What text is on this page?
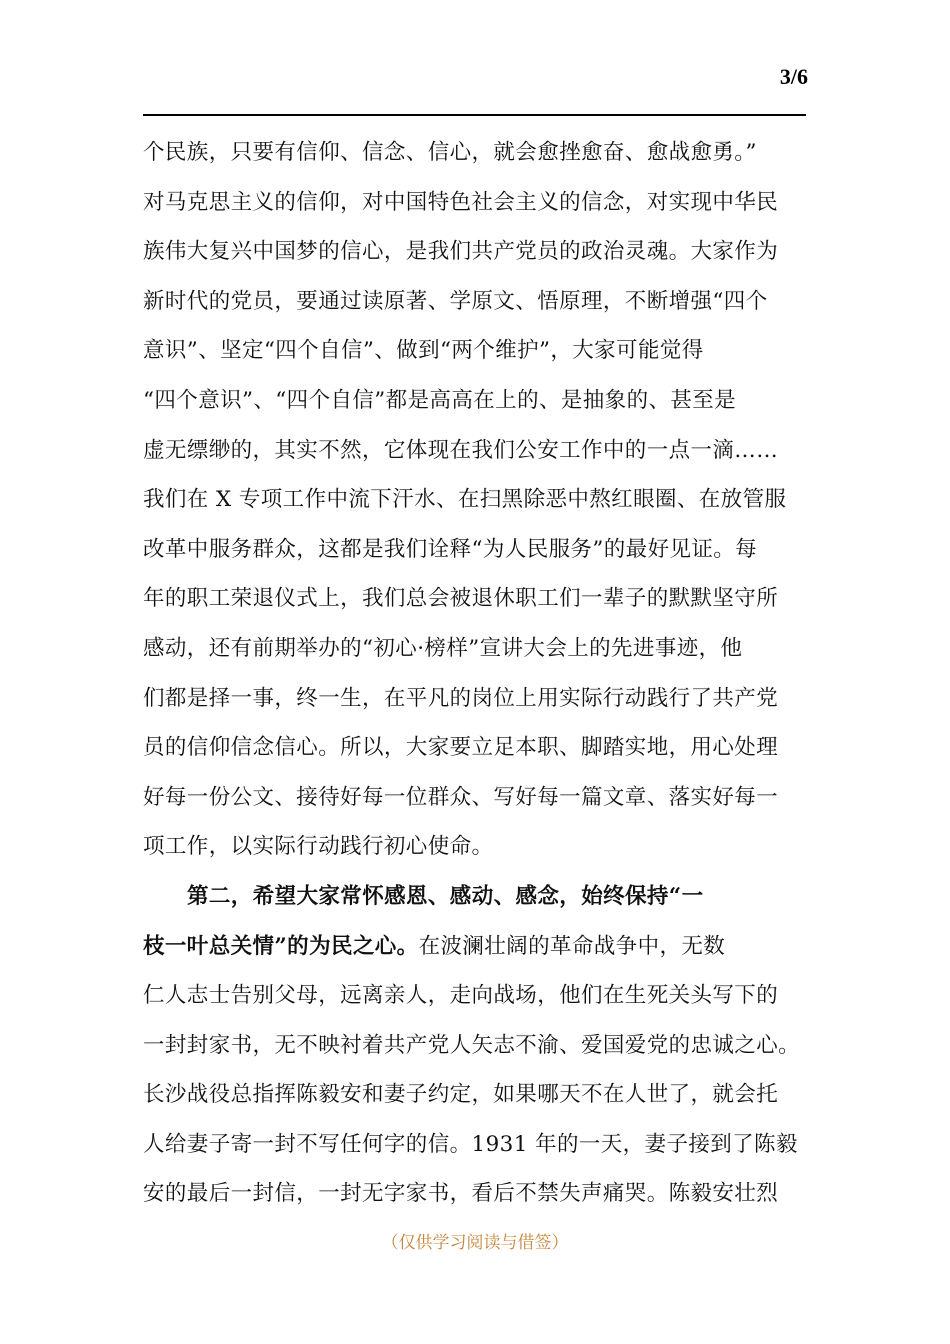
3/6
个民族，只要有信仰、信念、信心，就会愈挫愈奋、愈战愈勇。”
对马克思主义的信仰，对中国特色社会主义的信念，对实现中华民
族伟大复兴中国梦的信心，是我们共产党员的政治灵魂。大家作为
新时代的党员，要通过读原著、学原文、悟原理，不断增强“四个
意识”、坚定“四个自信”、做到“两个维护”，大家可能觉得
“四个意识”、“四个自信”都是高高在上的、是抽象的、甚至是
虚无缥缈的，其实不然，它体现在我们公安工作中的一点一滴……
我们在 X 专项工作中流下汗水、在扫黑除恶中熬红眼圈、在放管服
改革中服务群众，这都是我们诠释“为人民服务”的最好见证。每
年的职工荣退仪式上，我们总会被退休职工们一辈子的默默坚守所
感动，还有前期举办的“初心·榜样”宣讲大会上的先进事迹，他
们都是择一事，终一生，在平凡的岗位上用实际行动践行了共产党
员的信仰信念信心。所以，大家要立足本职、脚踏实地，用心处理
好每一份公文、接待好每一位群众、写好每一篇文章、落实好每一
项工作，以实际行动践行初心使命。
第二，希望大家常怀感恩、感动、感念，始终保持“一
枝一叶总关情”的为民之心。在波澜壮阔的革命战争中，无数
仁人志士告别父母，远离亲人，走向战场，他们在生死关头写下的
一封封家书，无不映衬着共产党人矢志不渝、爱国爱党的忠诚之心。
长沙战役总指挥陈毅安和妻子约定，如果哪天不在人世了，就会托
人给妻子寄一封不写任何字的信。1931 年的一天，妻子接到了陈毅
安的最后一封信，一封无字家书，看后不禁失声痛哭。陈毅安壮烈
（仅供学习阅读与借签）
